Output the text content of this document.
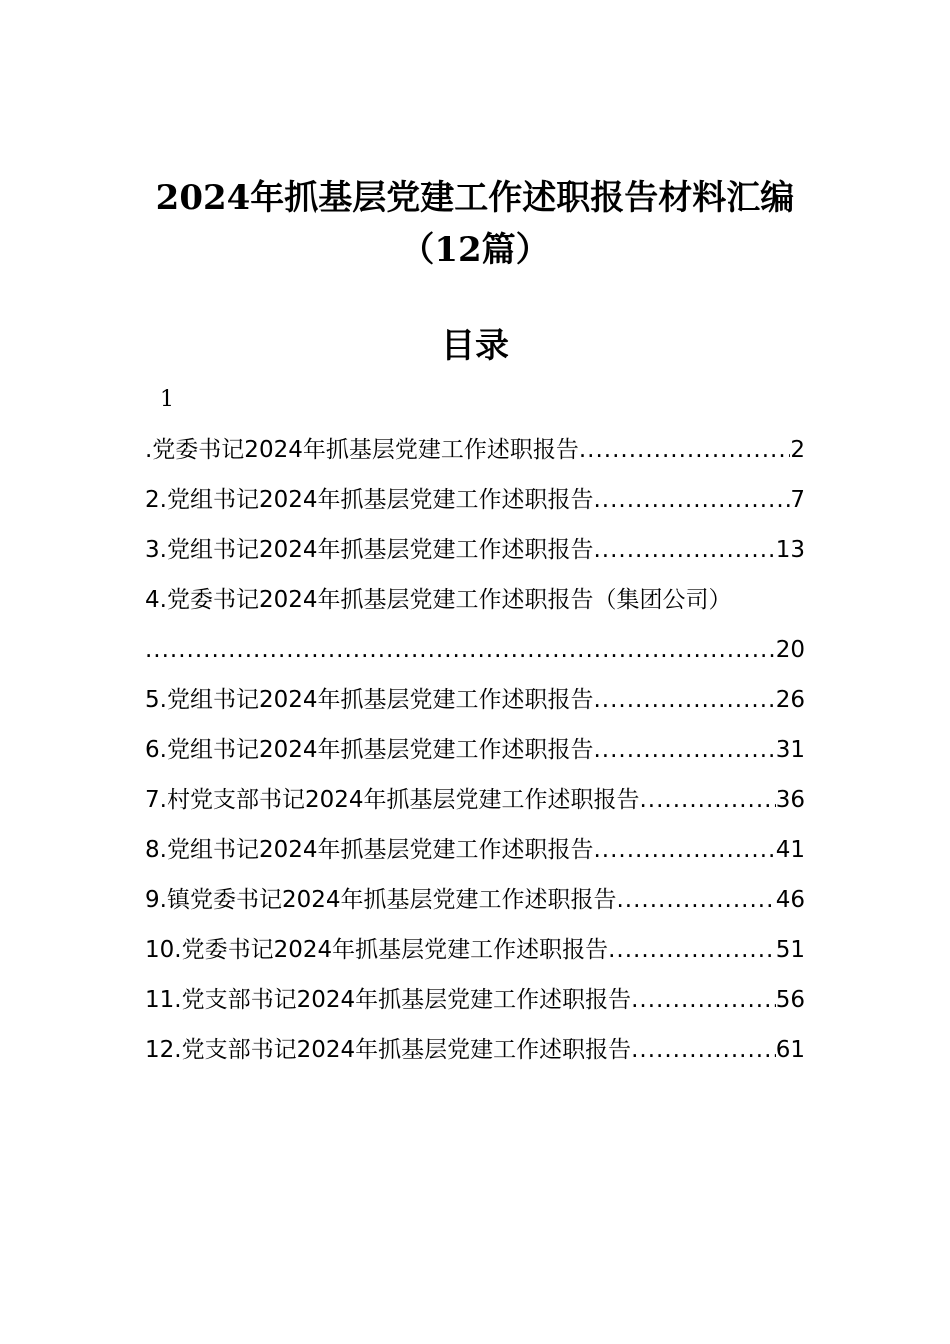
2024年抓基层党建工作述职报告材料汇编
（12篇）
目录
1
.党委书记2024年抓基层党建工作述职报告 .....	2
2.党组书记2024年抓基层党建工作述职报告 .....	7
3.党组书记2024年抓基层党建工作述职报告 .....	13
4.党委书记2024年抓基层党建工作述职报告（集团公司）
.....
20
5.党组书记2024年抓基层党建工作述职报告 .....	26
6.党组书记2024年抓基层党建工作述职报告 .....	31
7.村党支部书记2024年抓基层党建工作述职报告 .....	36
8.党组书记2024年抓基层党建工作述职报告 .....	41
9.镇党委书记2024年抓基层党建工作述职报告 .....	46
10.党委书记2024年抓基层党建工作述职报告 .....	51
11.党支部书记2024年抓基层党建工作述职报告 .....	56
12.党支部书记2024年抓基层党建工作述职报告 .....	61
